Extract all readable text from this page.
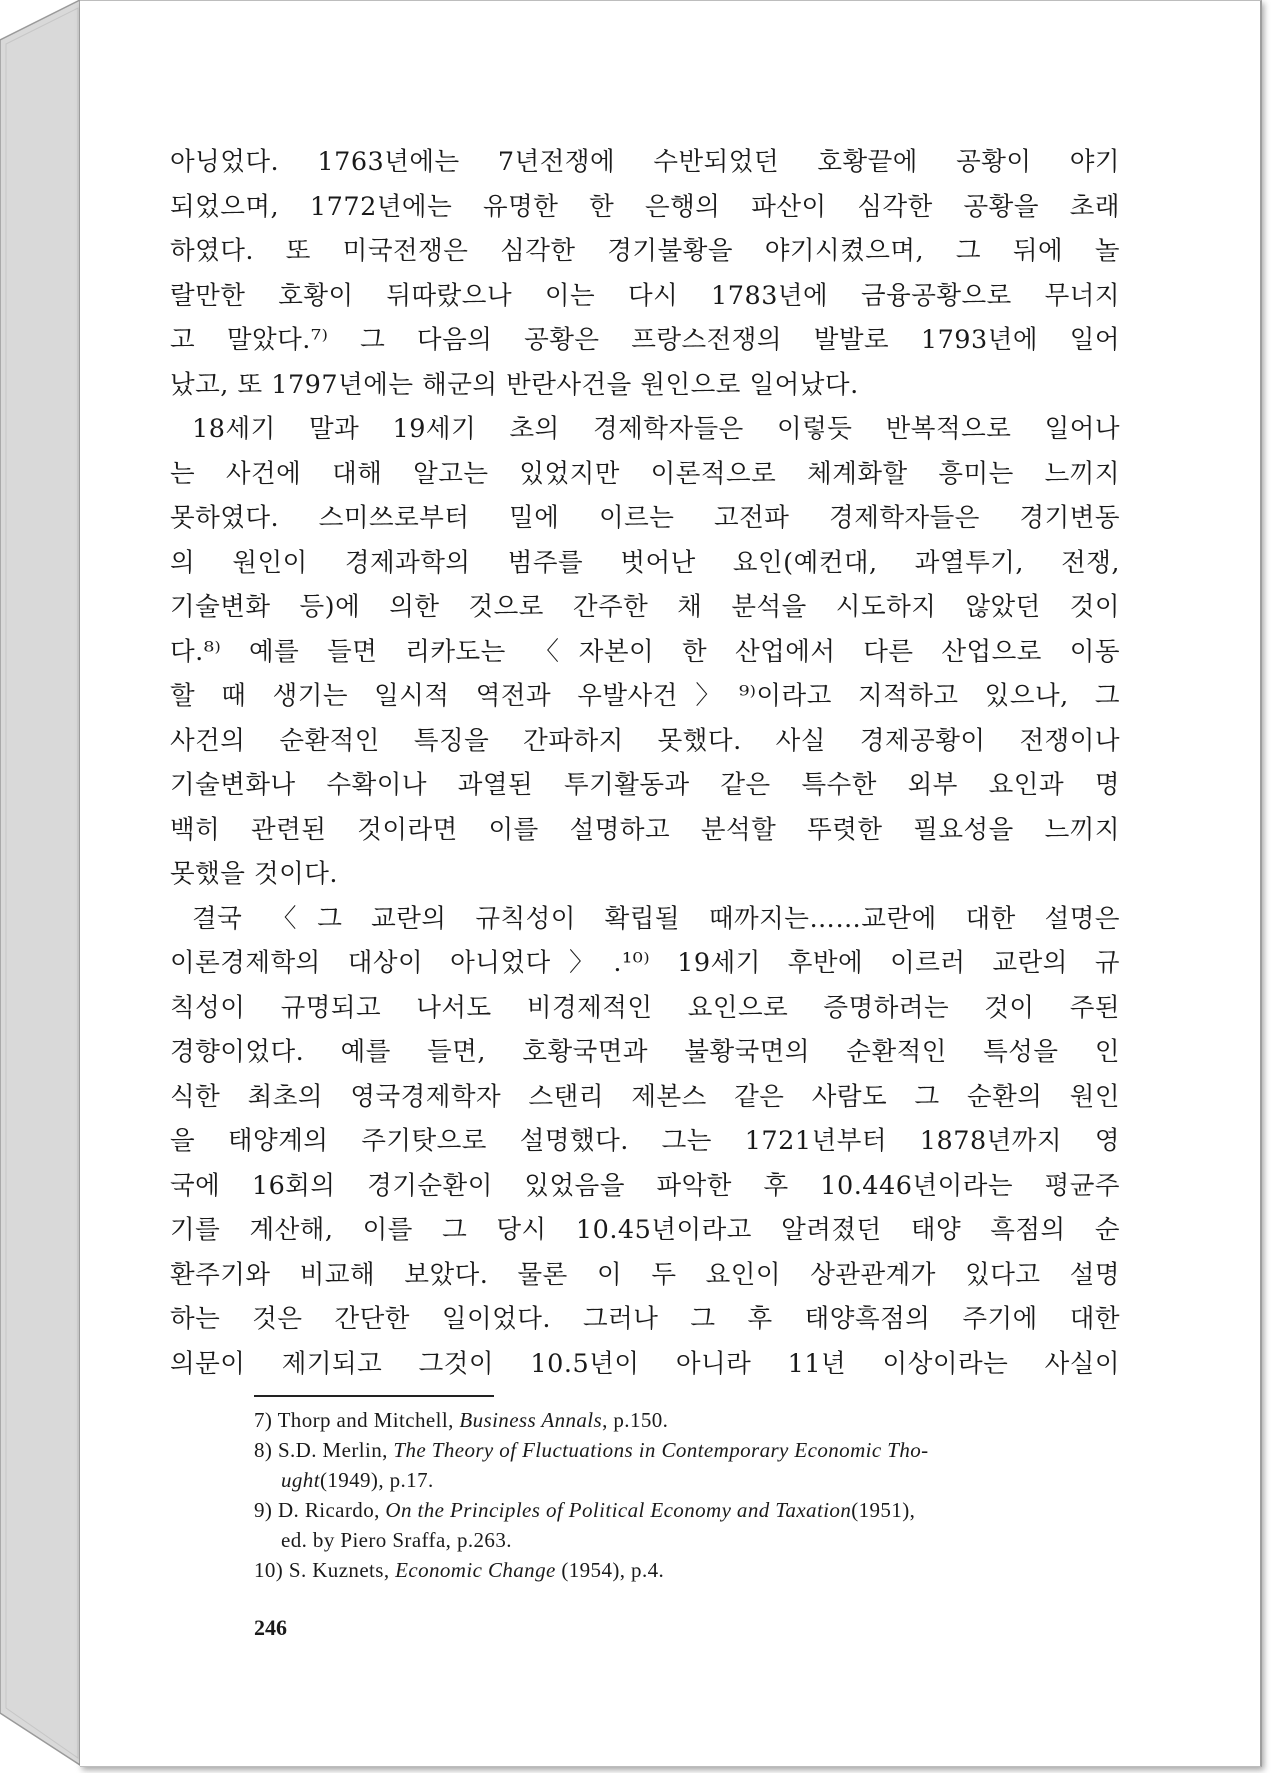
아닝었다. 1763년에는 7년전쟁에 수반되었던 호황끝에 공황이 야기
되었으며, 1772년에는 유명한 한 은행의 파산이 심각한 공황을 초래
하였다. 또 미국전쟁은 심각한 경기불황을 야기시켰으며, 그 뒤에 놀
랄만한 호황이 뒤따랐으나 이는 다시 1783년에 금융공황으로 무너지
고 말았다.⁷⁾ 그 다음의 공황은 프랑스전쟁의 발발로 1793년에 일어
났고, 또 1797년에는 해군의 반란사건을 원인으로 일어났다.
18세기 말과 19세기 초의 경제학자들은 이렇듯 반복적으로 일어나
는 사건에 대해 알고는 있었지만 이론적으로 체계화할 흥미는 느끼지
못하였다. 스미쓰로부터 밀에 이르는 고전파 경제학자들은 경기변동
의 원인이 경제과학의 범주를 벗어난 요인(예컨대, 과열투기, 전쟁,
기술변화 등)에 의한 것으로 간주한 채 분석을 시도하지 않았던 것이
다.⁸⁾ 예를 들면 리카도는 〈자본이 한 산업에서 다른 산업으로 이동
할 때 생기는 일시적 역전과 우발사건〉⁹⁾이라고 지적하고 있으나, 그
사건의 순환적인 특징을 간파하지 못했다. 사실 경제공황이 전쟁이나
기술변화나 수확이나 과열된 투기활동과 같은 특수한 외부 요인과 명
백히 관련된 것이라면 이를 설명하고 분석할 뚜렷한 필요성을 느끼지
못했을 것이다.
결국 〈그 교란의 규칙성이 확립될 때까지는……교란에 대한 설명은
이론경제학의 대상이 아니었다〉.¹⁰⁾ 19세기 후반에 이르러 교란의 규
칙성이 규명되고 나서도 비경제적인 요인으로 증명하려는 것이 주된
경향이었다. 예를 들면, 호황국면과 불황국면의 순환적인 특성을 인
식한 최초의 영국경제학자 스탠리 제본스 같은 사람도 그 순환의 원인
을 태양계의 주기탓으로 설명했다. 그는 1721년부터 1878년까지 영
국에 16회의 경기순환이 있었음을 파악한 후 10.446년이라는 평균주
기를 계산해, 이를 그 당시 10.45년이라고 알려졌던 태양 흑점의 순
환주기와 비교해 보았다. 물론 이 두 요인이 상관관계가 있다고 설명
하는 것은 간단한 일이었다. 그러나 그 후 태양흑점의 주기에 대한
의문이 제기되고 그것이 10.5년이 아니라 11년 이상이라는 사실이
7) Thorp and Mitchell, Business Annals, p.150.
8) S.D. Merlin, The Theory of Fluctuations in Contemporary Economic Tho-
ught(1949), p.17.
9) D. Ricardo, On the Principles of Political Economy and Taxation(1951),
ed. by Piero Sraffa, p.263.
10) S. Kuznets, Economic Change (1954), p.4.
246
